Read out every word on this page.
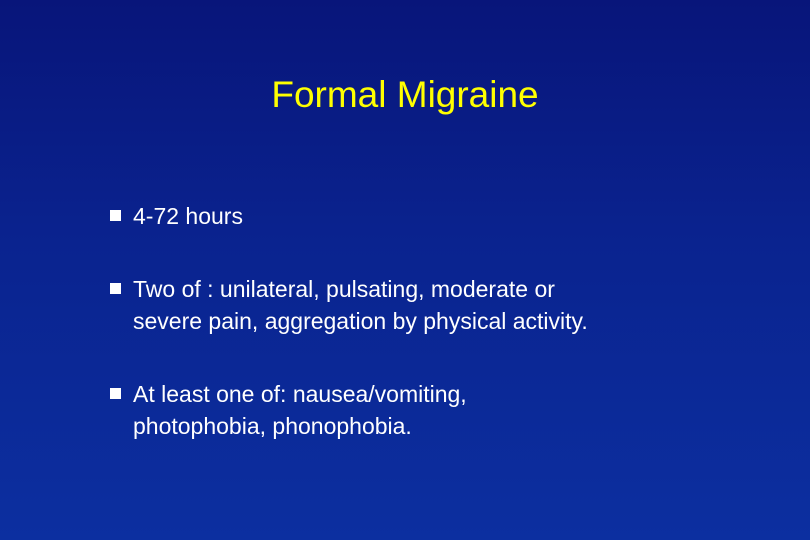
Formal Migraine
4-72 hours
Two of : unilateral, pulsating, moderate or
severe pain, aggregation by physical activity.
At least one of: nausea/vomiting,
photophobia, phonophobia.
